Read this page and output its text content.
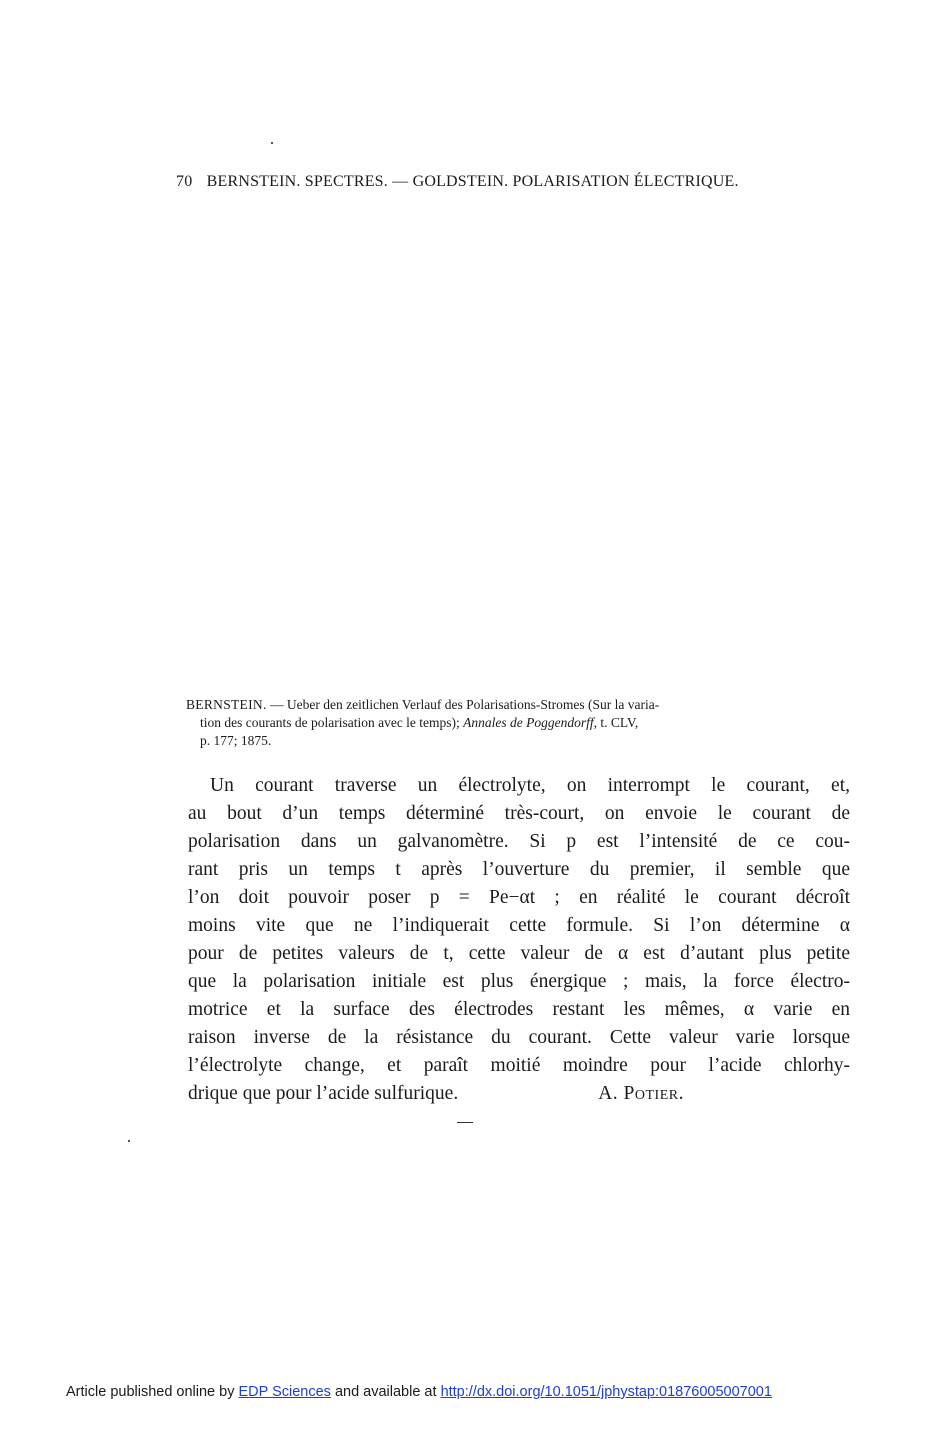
70 BERNSTEIN. SPECTRES. — GOLDSTEIN. POLARISATION ÉLECTRIQUE.
BERNSTEIN. — Ueber den zeitlichen Verlauf des Polarisations-Stromes (Sur la varia-
tion des courants de polarisation avec le temps); Annales de Poggendorff, t. CLV,
p. 177; 1875.
Un courant traverse un électrolyte, on interrompt le courant, et,
au bout d’un temps déterminé très-court, on envoie le courant de
polarisation dans un galvanomètre. Si p est l’intensité de ce cou-
rant pris un temps t après l’ouverture du premier, il semble que
l’on doit pouvoir poser p = Pe−αt ; en réalité le courant décroît
moins vite que ne l’indiquerait cette formule. Si l’on détermine α
pour de petites valeurs de t, cette valeur de α est d’autant plus petite
que la polarisation initiale est plus énergique ; mais, la force électro-
motrice et la surface des électrodes restant les mêmes, α varie en
raison inverse de la résistance du courant. Cette valeur varie lorsque
l’électrolyte change, et paraît moitié moindre pour l’acide chlorhy-
drique que pour l’acide sulfurique.	A. Potier.
Article published online by EDP Sciences and available at http://dx.doi.org/10.1051/jphystap:01876005007001
